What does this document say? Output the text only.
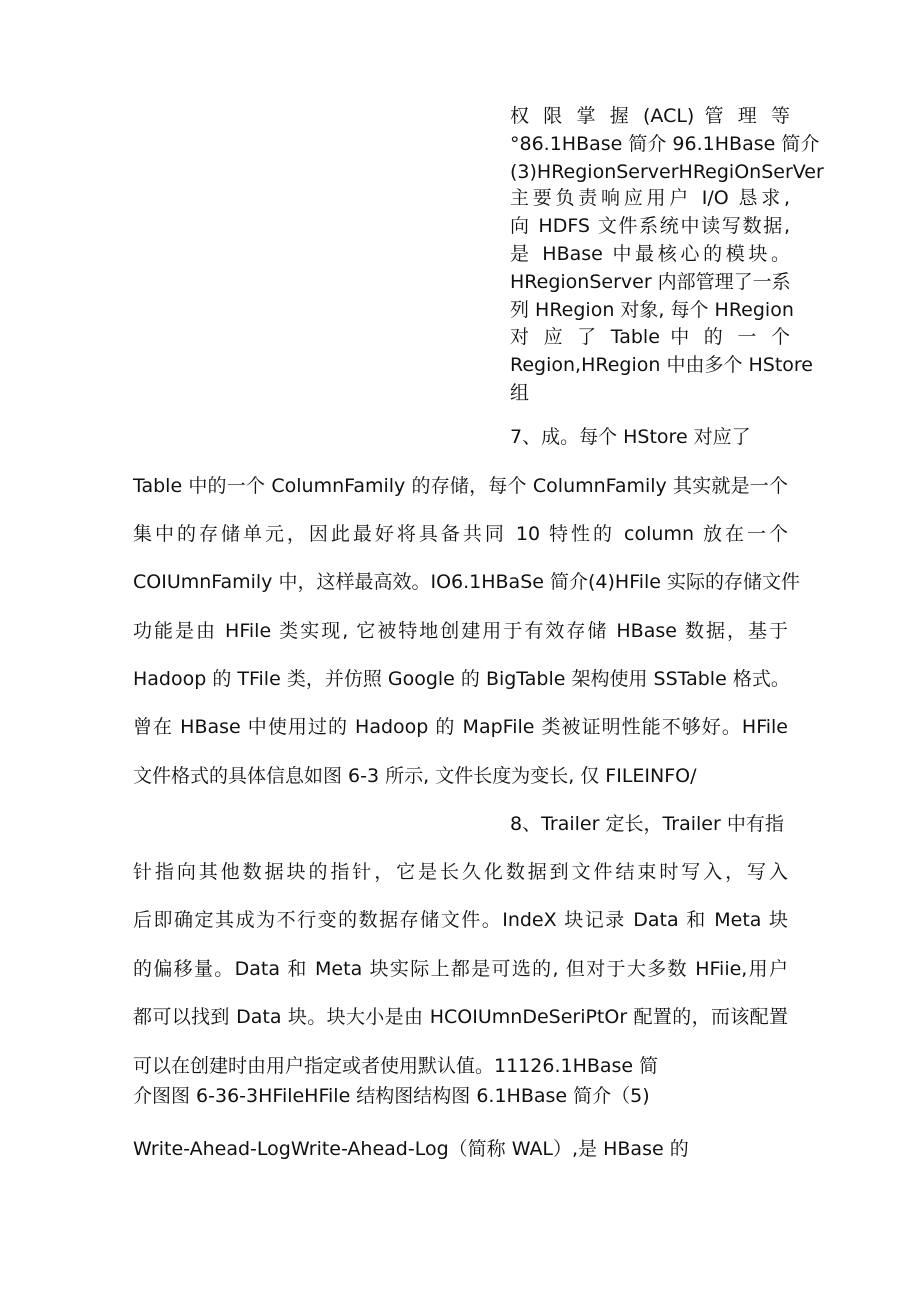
权 限 掌 握 (ACL) 管 理 等
°86.1HBase 简介 96.1HBase 简介
(3)HRegionServerHRegiOnSerVer
主要负责响应用户 I/O 恳求,
向 HDFS 文件系统中读写数据,
是 HBase 中最核心的模块。
HRegionServer 内部管理了一系
列 HRegion 对象, 每个 HRegion
对 应 了 Table 中 的 一 个
Region,HRegion 中由多个 HStore
组
7、成。每个 HStore 对应了
Table 中的一个 ColumnFamily 的存储，每个 ColumnFamily 其实就是一个
集中的存储单元，因此最好将具备共同 10 特性的 column 放在一个
COIUmnFamily 中，这样最高效。IO6.1HBaSe 简介(4)HFile 实际的存储文件
功能是由 HFile 类实现, 它被特地创建用于有效存储 HBase 数据，基于
Hadoop 的 TFile 类，并仿照 Google 的 BigTable 架构使用 SSTable 格式。
曾在 HBase 中使用过的 Hadoop 的 MapFile 类被证明性能不够好。HFile
文件格式的具体信息如图 6-3 所示, 文件长度为变长, 仅 FILEINFO/
8、Trailer 定长，Trailer 中有指
针指向其他数据块的指针，它是长久化数据到文件结束时写入，写入
后即确定其成为不行变的数据存储文件。IndeX 块记录 Data 和 Meta 块
的偏移量。Data 和 Meta 块实际上都是可选的, 但对于大多数 HFiie,用户
都可以找到 Data 块。块大小是由 HCOIUmnDeSeriPtOr 配置的，而该配置
可以在创建时由用户指定或者使用默认值。11126.1HBase 简
介图图 6-36-3HFileHFile 结构图结构图 6.1HBase 简介（5)
Write-Ahead-LogWrite-Ahead-Log（简称 WAL）,是 HBase 的
